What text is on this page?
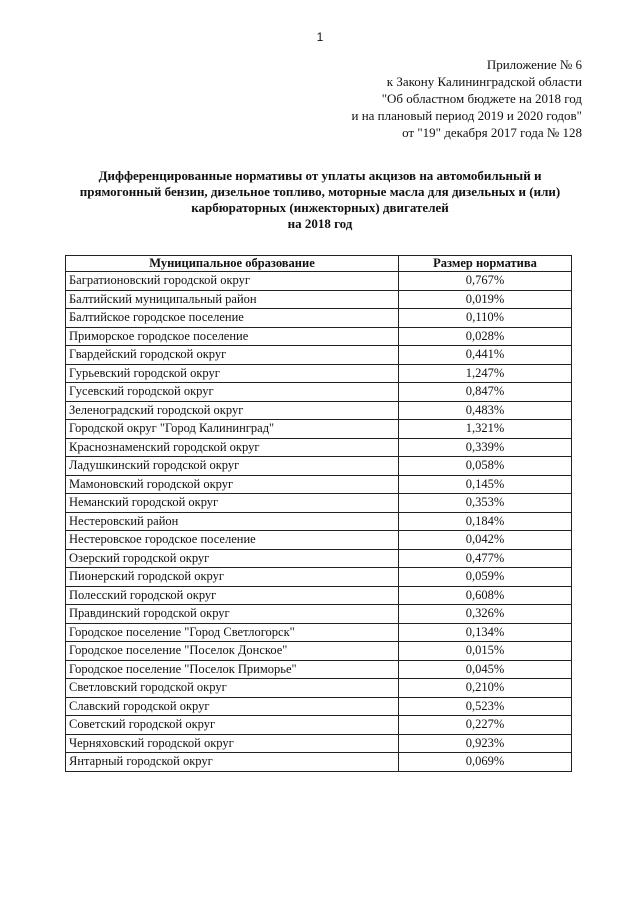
1
Приложение № 6
к Закону Калининградской области
"Об областном бюджете на 2018 год
и на плановый период 2019 и 2020 годов"
от "19" декабря 2017 года № 128
Дифференцированные нормативы от уплаты акцизов на автомобильный и
прямогонный бензин, дизельное топливо, моторные масла для дизельных и (или)
карбюраторных (инжекторных) двигателей
на 2018 год
Муниципальное образование	Размер норматива
Багратионовский городской округ	0,767%
Балтийский муниципальный район	0,019%
Балтийское городское поселение	0,110%
Приморское городское поселение	0,028%
Гвардейский городской округ	0,441%
Гурьевский городской округ	1,247%
Гусевский городской округ	0,847%
Зеленоградский городской округ	0,483%
Городской округ "Город Калининград"	1,321%
Краснознаменский городской округ	0,339%
Ладушкинский городской округ	0,058%
Мамоновский городской округ	0,145%
Неманский городской округ	0,353%
Нестеровский район	0,184%
Нестеровское городское поселение	0,042%
Озерский городской округ	0,477%
Пионерский городской округ	0,059%
Полесский городской округ	0,608%
Правдинский городской округ	0,326%
Городское поселение "Город Светлогорск"	0,134%
Городское поселение "Поселок Донское"	0,015%
Городское поселение "Поселок Приморье"	0,045%
Светловский городской округ	0,210%
Славский городской округ	0,523%
Советский городской округ	0,227%
Черняховский городской округ	0,923%
Янтарный городской округ	0,069%
